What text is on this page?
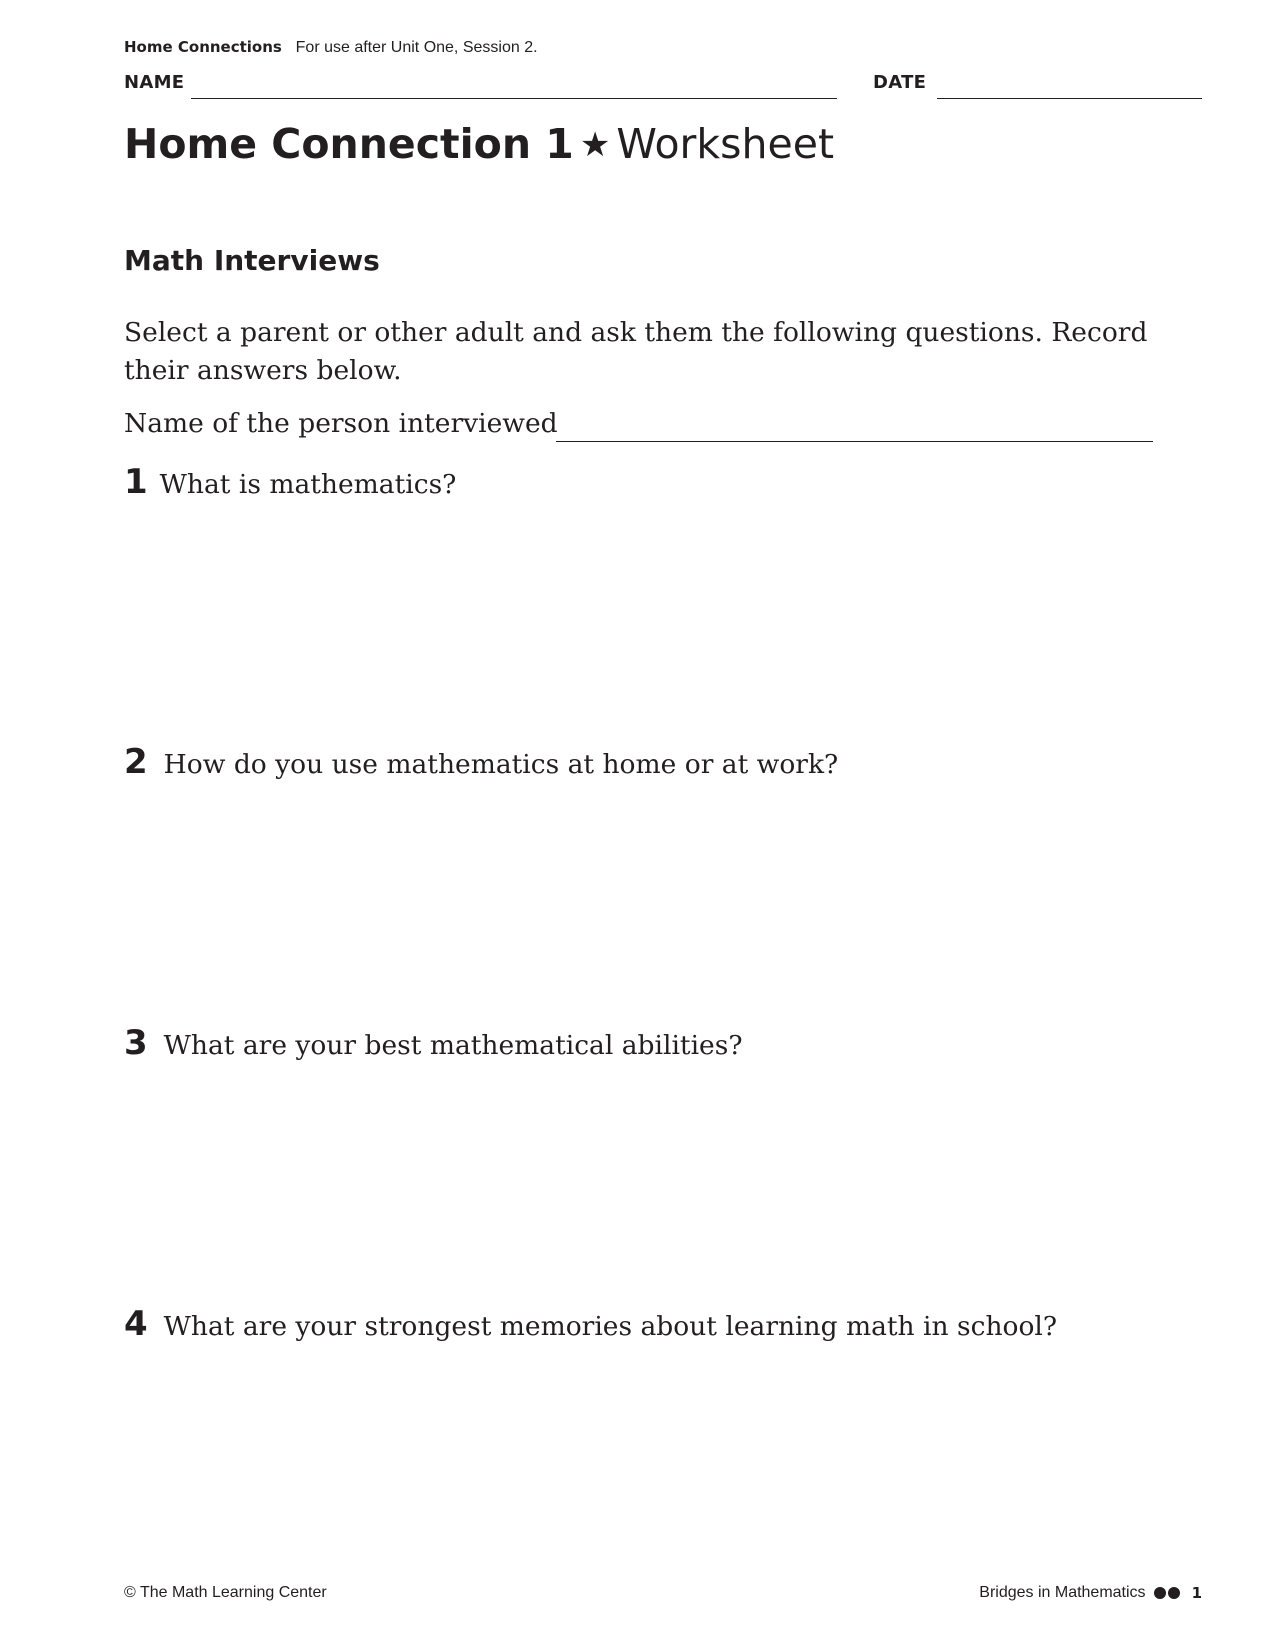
Home Connections For use after Unit One, Session 2.
NAME	DATE
Home Connection 1 ★ Worksheet
Math Interviews
Select a parent or other adult and ask them the following questions. Record their answers below.
Name of the person interviewed
1 What is mathematics?
2 How do you use mathematics at home or at work?
3 What are your best mathematical abilities?
4 What are your strongest memories about learning math in school?
© The Math Learning Center	Bridges in Mathematics	1
